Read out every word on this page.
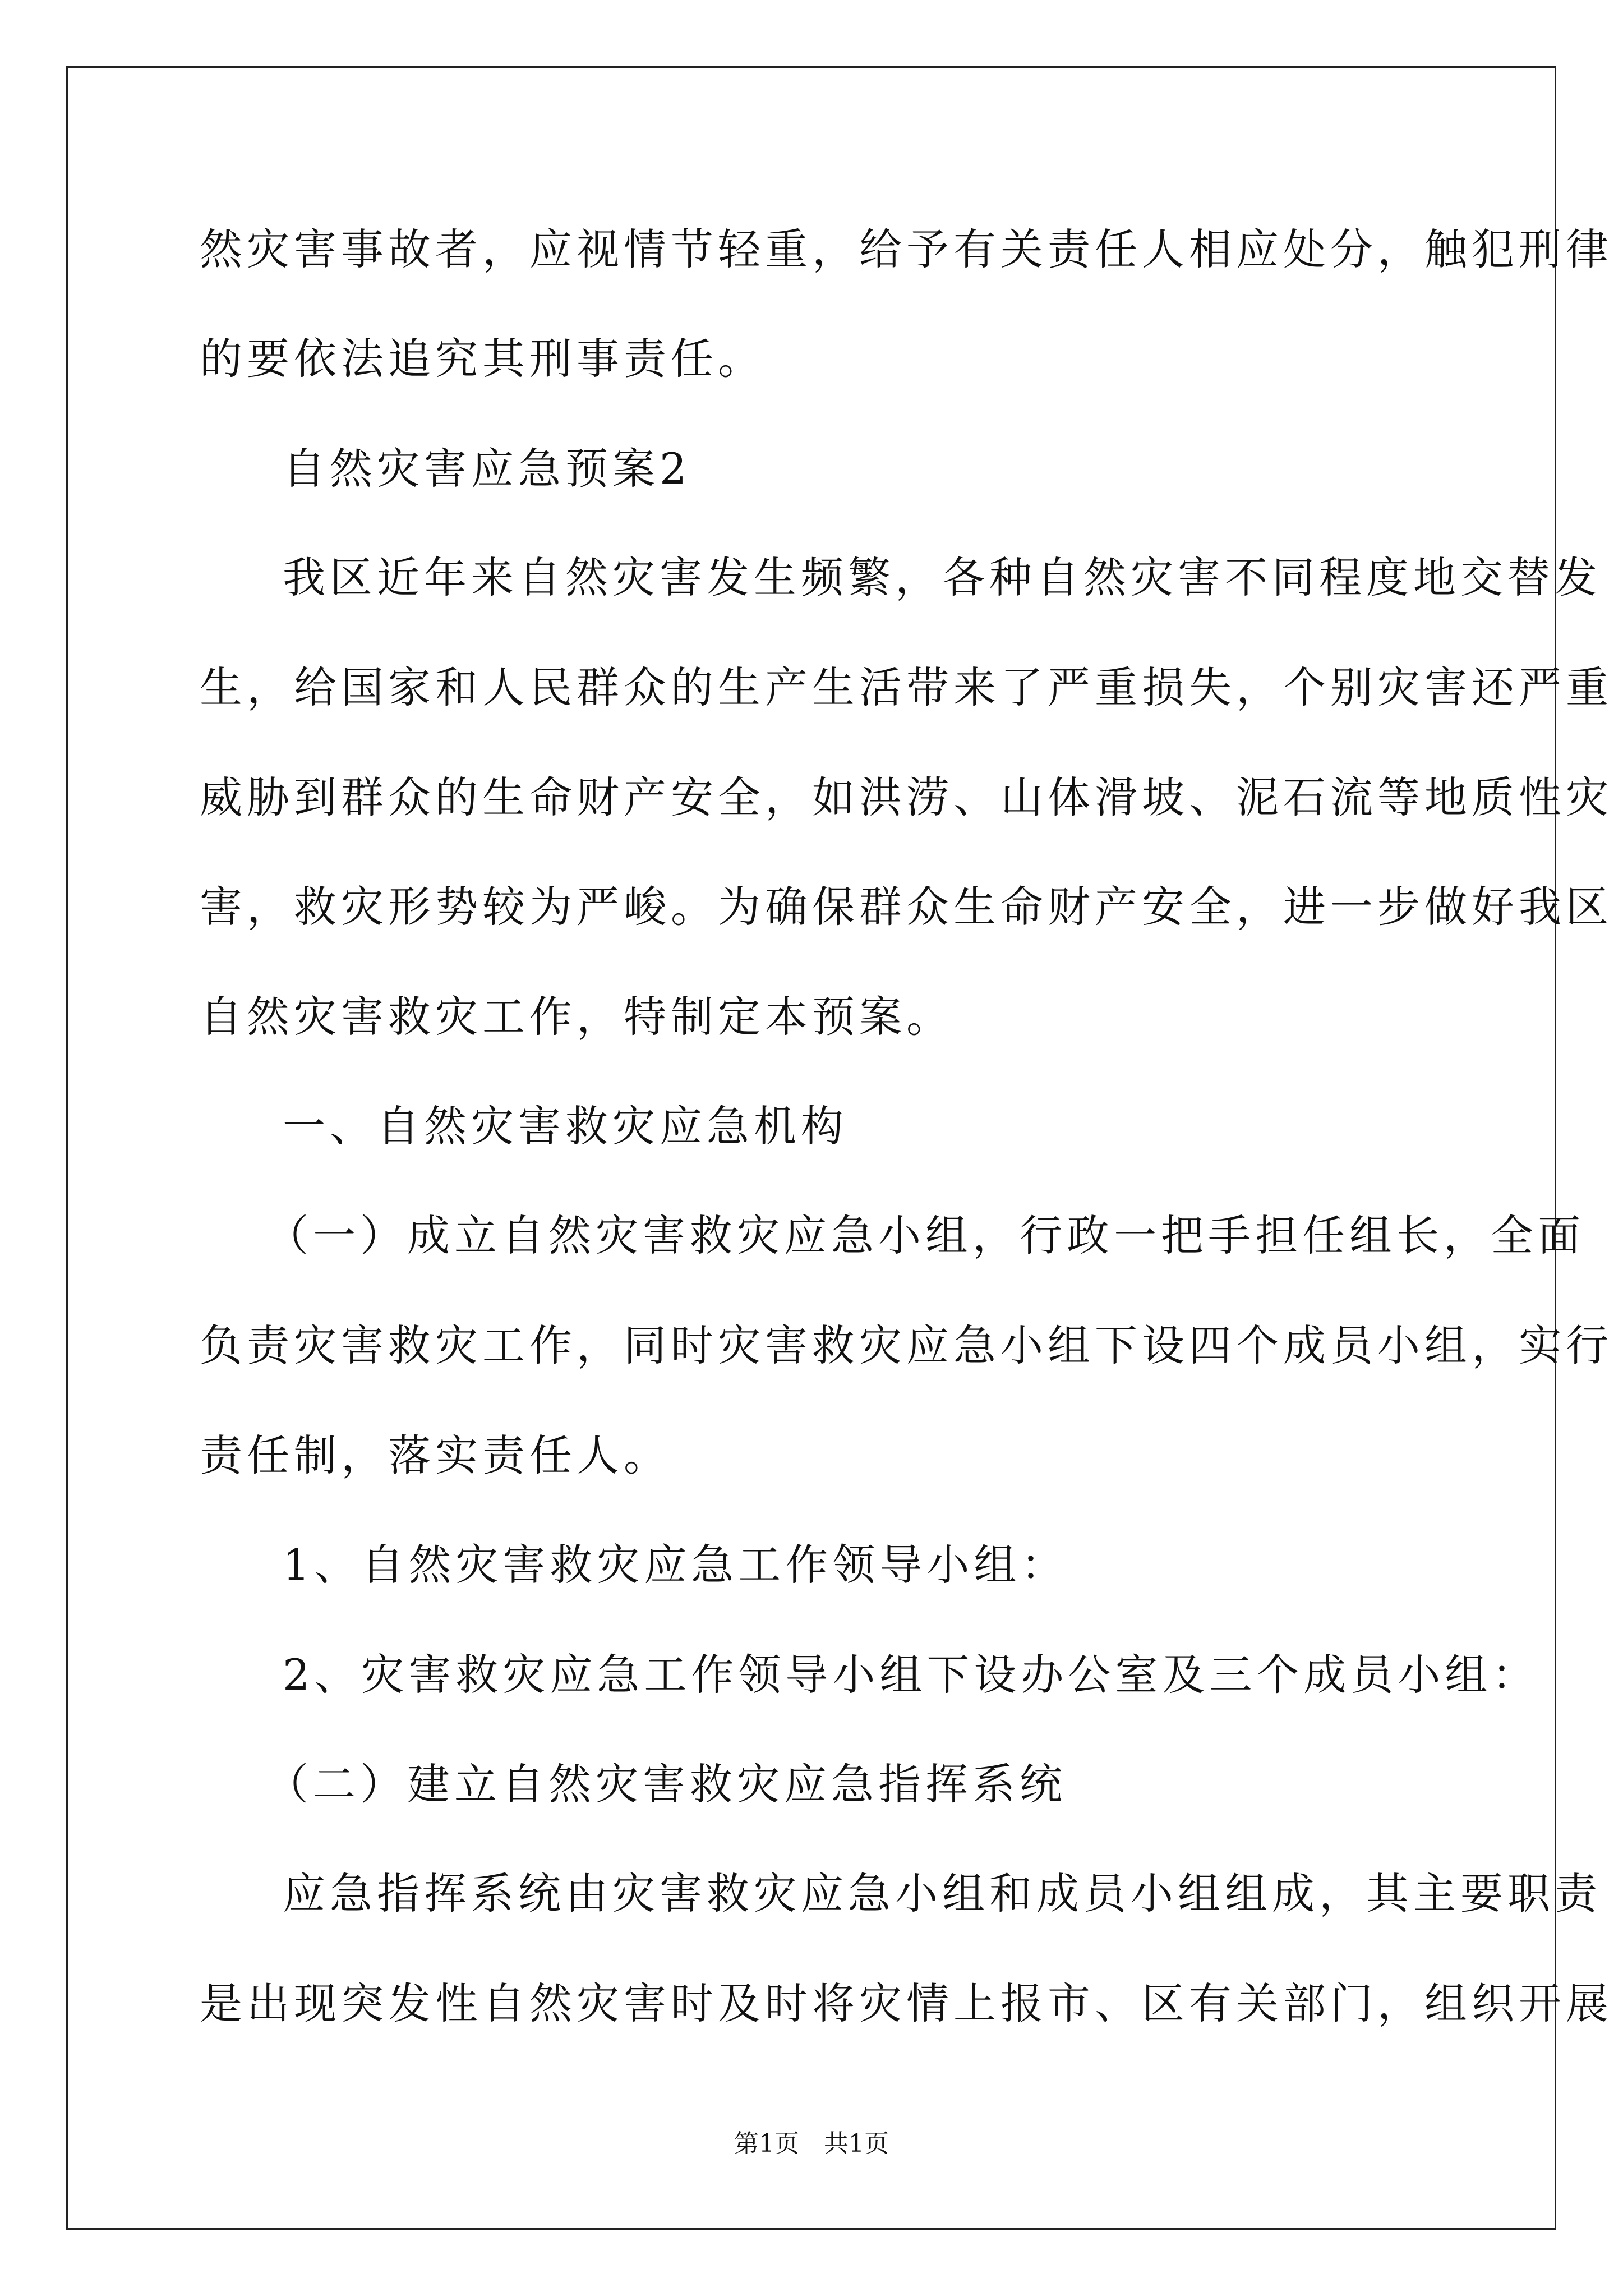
然灾害事故者，应视情节轻重，给予有关责任人相应处分，触犯刑律
的要依法追究其刑事责任。
自然灾害应急预案2
我区近年来自然灾害发生频繁，各种自然灾害不同程度地交替发
生，给国家和人民群众的生产生活带来了严重损失，个别灾害还严重
威胁到群众的生命财产安全，如洪涝、山体滑坡、泥石流等地质性灾
害，救灾形势较为严峻。为确保群众生命财产安全，进一步做好我区
自然灾害救灾工作，特制定本预案。
一、自然灾害救灾应急机构
（一）成立自然灾害救灾应急小组，行政一把手担任组长，全面
负责灾害救灾工作，同时灾害救灾应急小组下设四个成员小组，实行
责任制，落实责任人。
1、自然灾害救灾应急工作领导小组：
2、灾害救灾应急工作领导小组下设办公室及三个成员小组：
（二）建立自然灾害救灾应急指挥系统
应急指挥系统由灾害救灾应急小组和成员小组组成，其主要职责
是出现突发性自然灾害时及时将灾情上报市、区有关部门，组织开展
第1页　共1页
